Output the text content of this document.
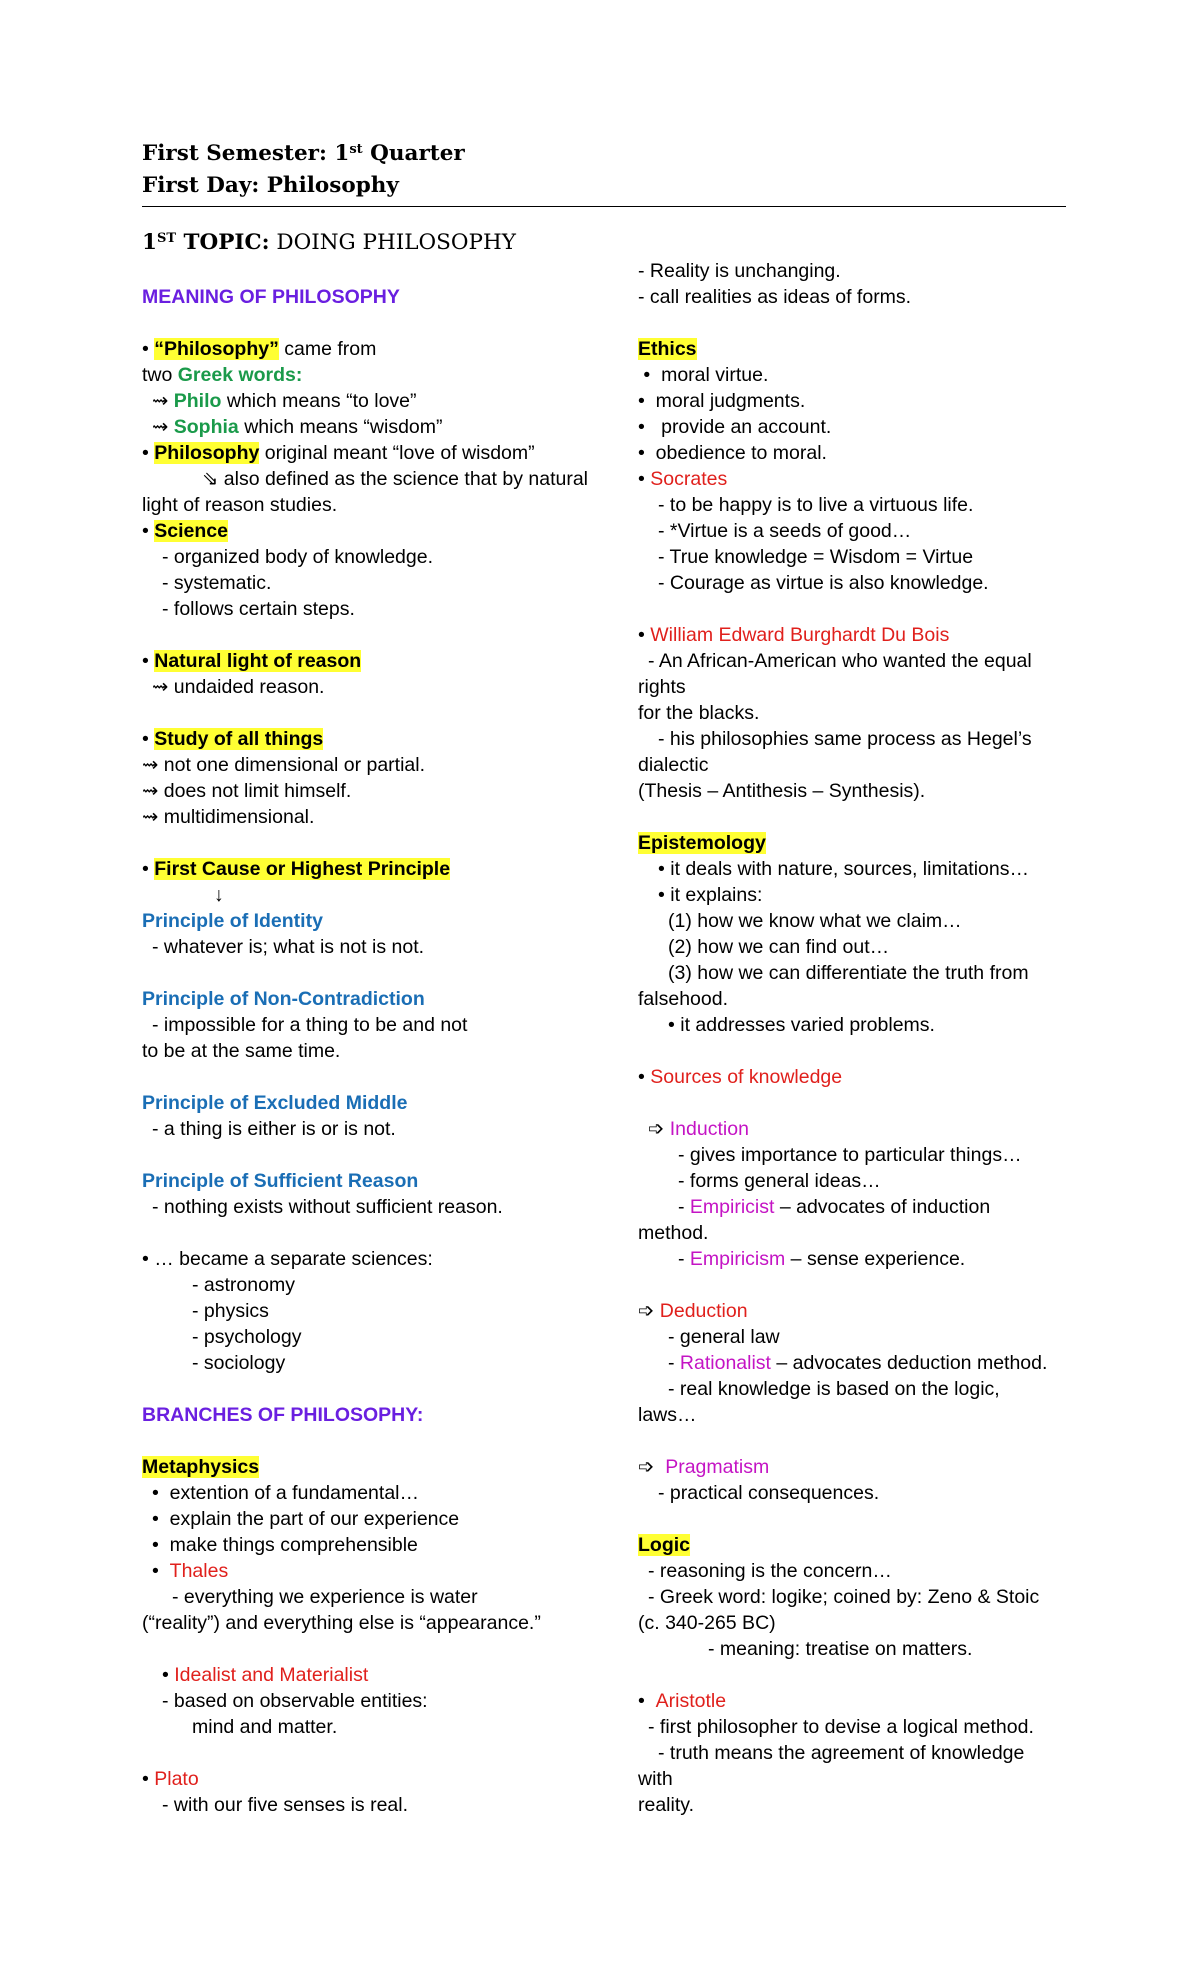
First Semester: 1st Quarter
First Day: Philosophy
1ST TOPIC: DOING PHILOSOPHY
MEANING OF PHILOSOPHY
• “Philosophy” came from
two Greek words:
⇝ Philo which means “to love”
⇝ Sophia which means “wisdom”
• Philosophy original meant “love of wisdom”
⇘ also defined as the science that by natural
light of reason studies.
• Science
- organized body of knowledge.
- systematic.
- follows certain steps.
• Natural light of reason
⇝ undaided reason.
• Study of all things
⇝ not one dimensional or partial.
⇝ does not limit himself.
⇝ multidimensional.
• First Cause or Highest Principle
↓
Principle of Identity
- whatever is; what is not is not.
Principle of Non-Contradiction
- impossible for a thing to be and not
to be at the same time.
Principle of Excluded Middle
- a thing is either is or is not.
Principle of Sufficient Reason
- nothing exists without sufficient reason.
• … became a separate sciences:
- astronomy
- physics
- psychology
- sociology
BRANCHES OF PHILOSOPHY:
Metaphysics
•  extention of a fundamental…
•  explain the part of our experience
•  make things comprehensible
•  Thales
- everything we experience is water
(“reality”) and everything else is “appearance.”
• Idealist and Materialist
- based on observable entities:
mind and matter.
• Plato
- with our five senses is real.
- Reality is unchanging.
- call realities as ideas of forms.
Ethics
•  moral virtue.
•  moral judgments.
•   provide an account.
•  obedience to moral.
• Socrates
- to be happy is to live a virtuous life.
- *Virtue is a seeds of good…
- True knowledge = Wisdom = Virtue
- Courage as virtue is also knowledge.
• William Edward Burghardt Du Bois
- An African-American who wanted the equal
rights
for the blacks.
- his philosophies same process as Hegel’s
dialectic
(Thesis – Antithesis – Synthesis).
Epistemology
• it deals with nature, sources, limitations…
• it explains:
(1) how we know what we claim…
(2) how we can find out…
(3) how we can differentiate the truth from
falsehood.
• it addresses varied problems.
• Sources of knowledge
➩ Induction
- gives importance to particular things…
- forms general ideas…
- Empiricist – advocates of induction
method.
- Empiricism – sense experience.
➩ Deduction
- general law
- Rationalist – advocates deduction method.
- real knowledge is based on the logic,
laws…
➩ Pragmatism
- practical consequences.
Logic
- reasoning is the concern…
- Greek word: logike; coined by: Zeno & Stoic
(c. 340-265 BC)
- meaning: treatise on matters.
•  Aristotle
- first philosopher to devise a logical method.
- truth means the agreement of knowledge
with
reality.
